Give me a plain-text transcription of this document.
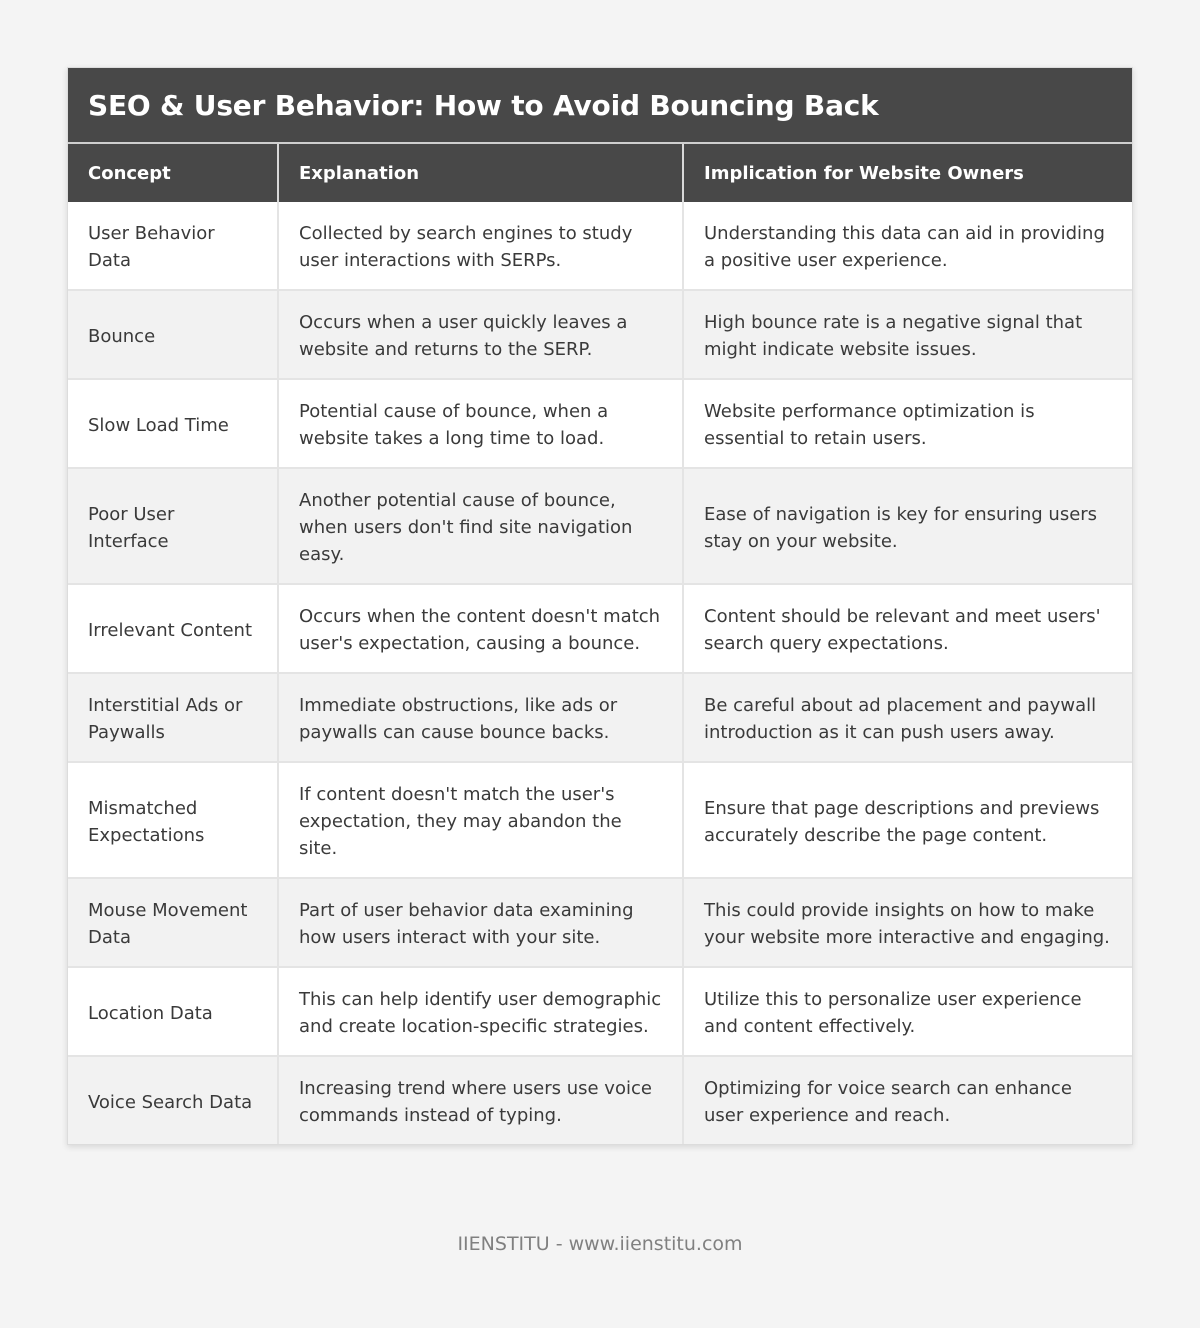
SEO & User Behavior: How to Avoid Bouncing Back
Concept	Explanation	Implication for Website Owners
User Behavior Data	Collected by search engines to study user interactions with SERPs.	Understanding this data can aid in providing a positive user experience.
Bounce	Occurs when a user quickly leaves a website and returns to the SERP.	High bounce rate is a negative signal that might indicate website issues.
Slow Load Time	Potential cause of bounce, when a website takes a long time to load.	Website performance optimization is essential to retain users.
Poor User Interface	Another potential cause of bounce, when users don't find site navigation easy.	Ease of navigation is key for ensuring users stay on your website.
Irrelevant Content	Occurs when the content doesn't match user's expectation, causing a bounce.	Content should be relevant and meet users' search query expectations.
Interstitial Ads or Paywalls	Immediate obstructions, like ads or paywalls can cause bounce backs.	Be careful about ad placement and paywall introduction as it can push users away.
Mismatched Expectations	If content doesn't match the user's expectation, they may abandon the site.	Ensure that page descriptions and previews accurately describe the page content.
Mouse Movement Data	Part of user behavior data examining how users interact with your site.	This could provide insights on how to make your website more interactive and engaging.
Location Data	This can help identify user demographic and create location-specific strategies.	Utilize this to personalize user experience and content effectively.
Voice Search Data	Increasing trend where users use voice commands instead of typing.	Optimizing for voice search can enhance user experience and reach.
IIENSTITU - www.iienstitu.com
